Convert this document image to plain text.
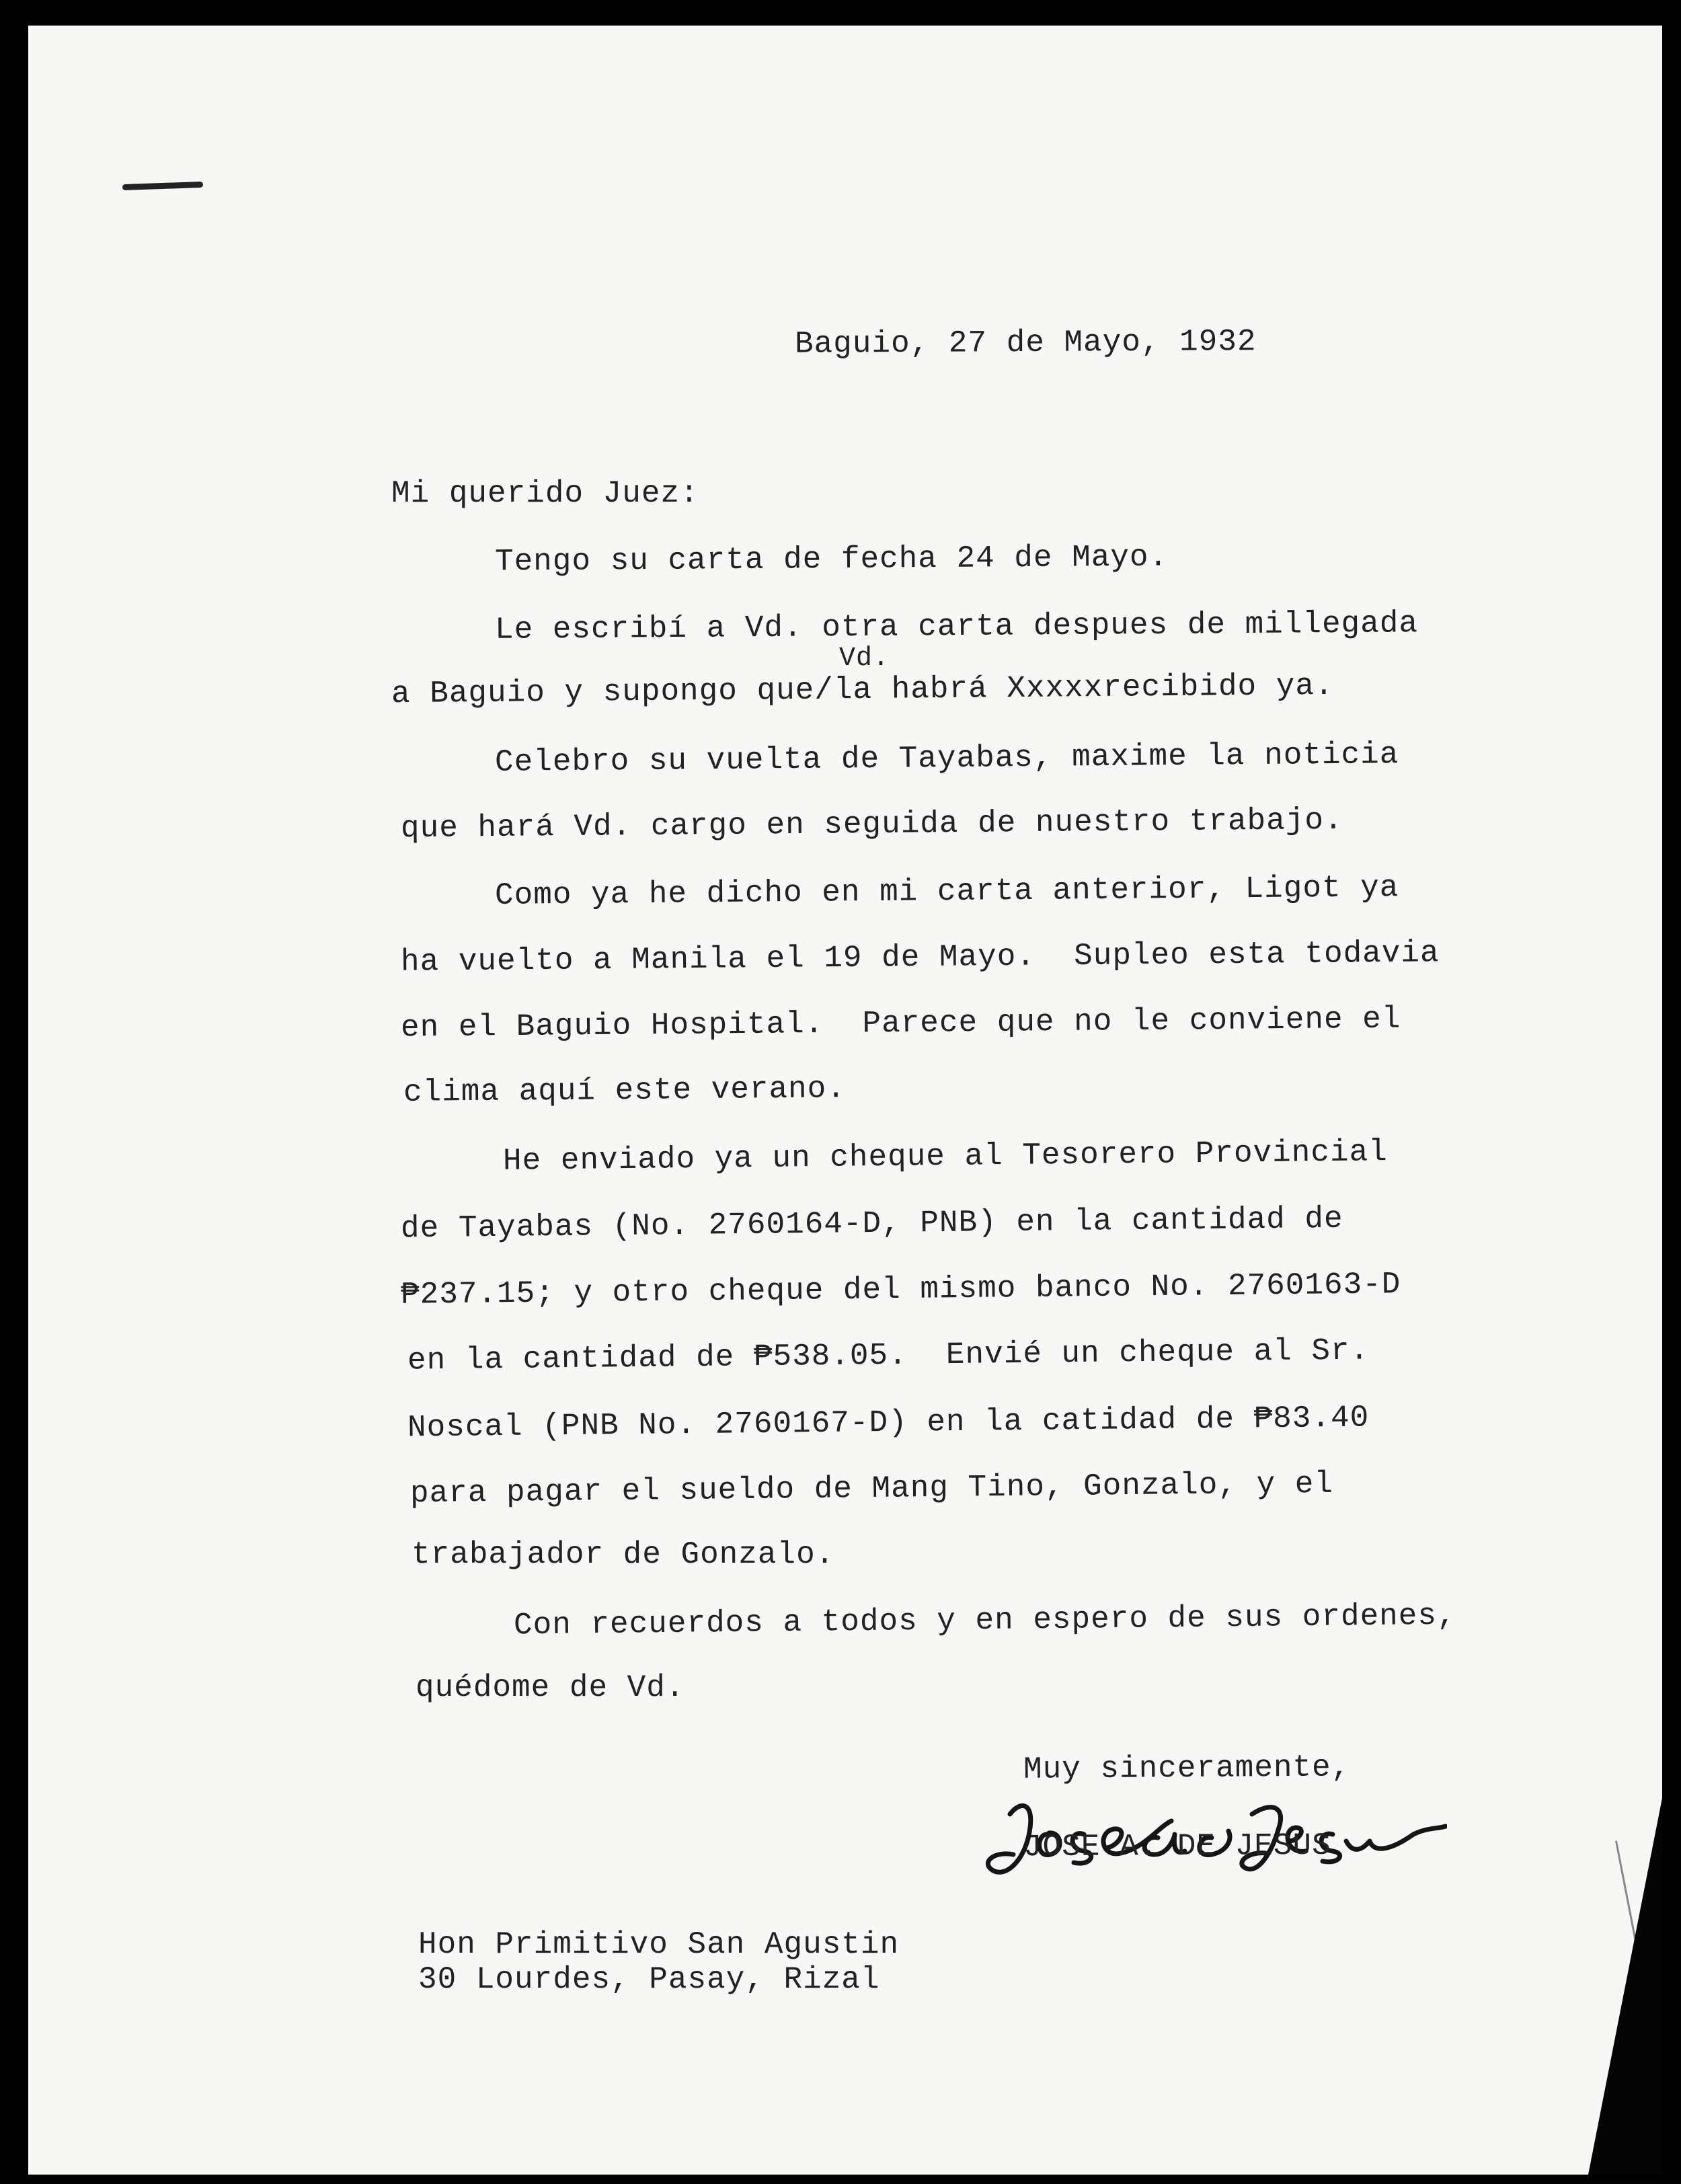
Baguio, 27 de Mayo, 1932
Mi querido Juez:
Tengo su carta de fecha 24 de Mayo.
Le escribí a Vd. otra carta despues de millegada
Vd.
a Baguio y supongo que/la habrá Xxxxxrecibido ya.
Celebro su vuelta de Tayabas, maxime la noticia
que hará Vd. cargo en seguida de nuestro trabajo.
Como ya he dicho en mi carta anterior, Ligot ya
ha vuelto a Manila el 19 de Mayo.  Supleo esta todavia
en el Baguio Hospital.  Parece que no le conviene el
clima aquí este verano.
He enviado ya un cheque al Tesorero Provincial
de Tayabas (No. 2760164-D, PNB) en la cantidad de
₱237.15; y otro cheque del mismo banco No. 2760163-D
en la cantidad de ₱538.05.  Envié un cheque al Sr.
Noscal (PNB No. 2760167-D) en la catidad de ₱83.40
para pagar el sueldo de Mang Tino, Gonzalo, y el
trabajador de Gonzalo.
Con recuerdos a todos y en espero de sus ordenes,
quédome de Vd.
Muy sinceramente,
JOSE A. DE JESUS
Hon Primitivo San Agustin
30 Lourdes, Pasay, Rizal
